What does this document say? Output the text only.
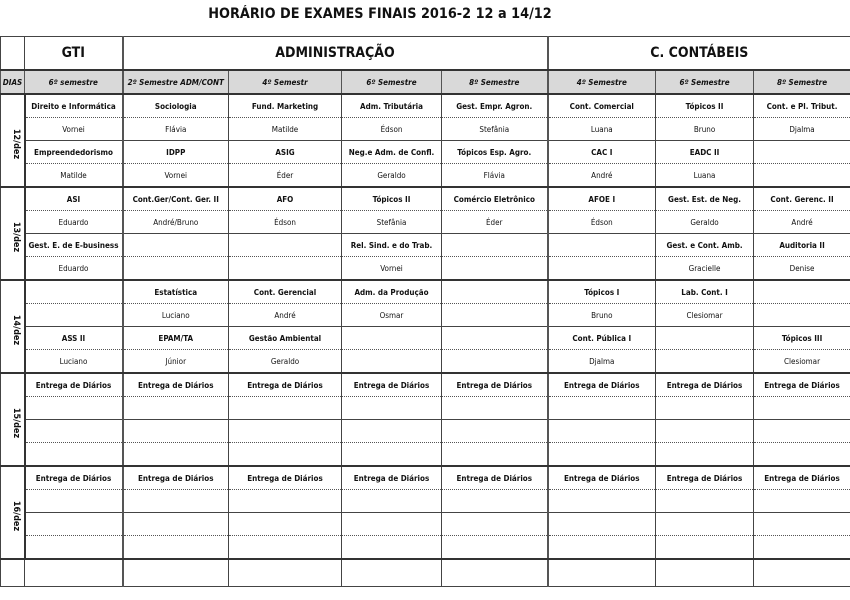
HORÁRIO DE EXAMES FINAIS 2016-2 12 a 14/12
	GTI	ADMINISTRAÇÃO				C. CONTÁBEIS		
DIAS	6º semestre	2º Semestre ADM/CONT	4º Semestr	6º Semestre	8º Semestre	4º Semestre	6º Semestre	8º Semestre
12/dez	Direito e Informática	Sociologia	Fund. Marketing	Adm. Tributária	Gest. Empr. Agron.	Cont. Comercial	Tópicos II	Cont. e Pl. Tribut.
	Vornei	Flávia	Matilde	Édson	Stefânia	Luana	Bruno	Djalma
	Empreendedorismo	IDPP	ASIG	Neg.e Adm. de Confl.	Tópicos Esp. Agro.	CAC I	EADC II	
	Matilde	Vornei	Éder	Geraldo	Flávia	André	Luana	
13/dez	ASI	Cont.Ger/Cont. Ger. II	AFO	Tópicos II	Comércio Eletrônico	AFOE I	Gest. Est. de Neg.	Cont. Gerenc. II
	Eduardo	André/Bruno	Édson	Stefânia	Éder	Édson	Geraldo	André
	Gest. E. de E-business			Rel. Sind. e do Trab.			Gest. e Cont. Amb.	Auditoria II
	Eduardo			Vornei			Gracielle	Denise
14/dez		Estatística	Cont. Gerencial	Adm. da Produção		Tópicos I	Lab. Cont. I	
		Luciano	André	Osmar		Bruno	Clesiomar	
	ASS II	EPAM/TA	Gestão Ambiental			Cont. Pública I		Tópicos III
	Luciano	Júnior	Geraldo			Djalma		Clesiomar
15/dez	Entrega de Diários	Entrega de Diários	Entrega de Diários	Entrega de Diários	Entrega de Diários	Entrega de Diários	Entrega de Diários	Entrega de Diários

16/dez	Entrega de Diários	Entrega de Diários	Entrega de Diários	Entrega de Diários	Entrega de Diários	Entrega de Diários	Entrega de Diários	Entrega de Diários
